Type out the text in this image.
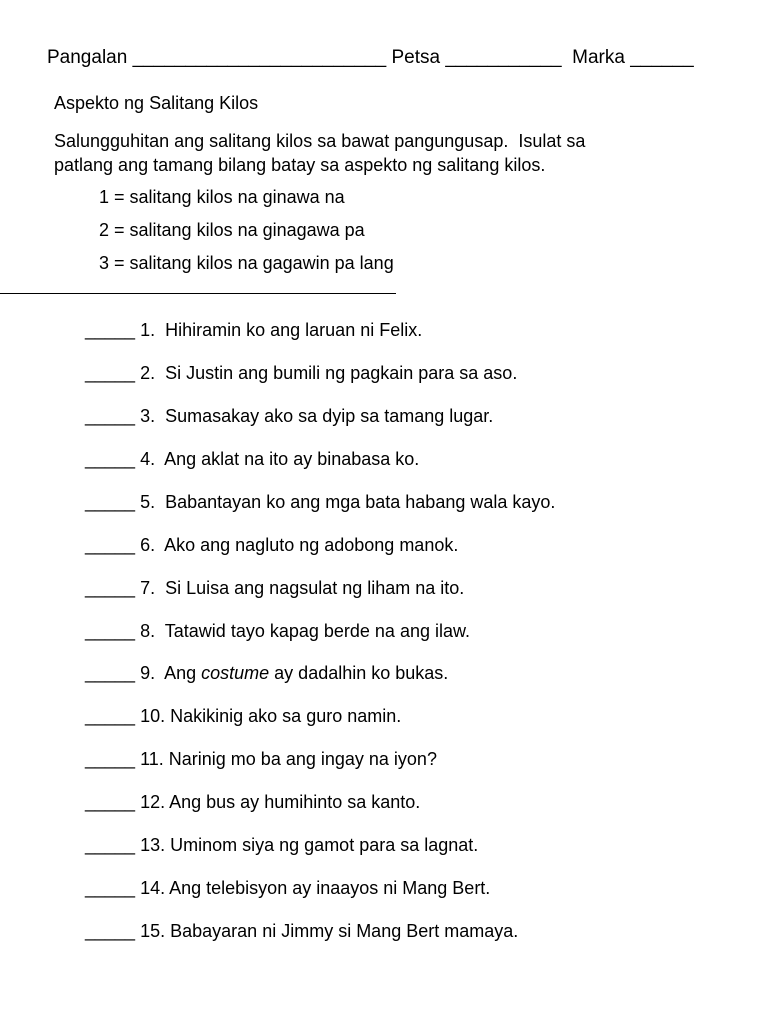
Pangalan ________________________ Petsa ___________ Marka ______
Aspekto ng Salitang Kilos
Salungguhitan ang salitang kilos sa bawat pangungusap.  Isulat sa
patlang ang tamang bilang batay sa aspekto ng salitang kilos.
1 = salitang kilos na ginawa na
2 = salitang kilos na ginagawa pa
3 = salitang kilos na gagawin pa lang
_____ 1. Hihiramin ko ang laruan ni Felix.
_____ 2. Si Justin ang bumili ng pagkain para sa aso.
_____ 3. Sumasakay ako sa dyip sa tamang lugar.
_____ 4. Ang aklat na ito ay binabasa ko.
_____ 5. Babantayan ko ang mga bata habang wala kayo.
_____ 6. Ako ang nagluto ng adobong manok.
_____ 7. Si Luisa ang nagsulat ng liham na ito.
_____ 8. Tatawid tayo kapag berde na ang ilaw.
_____ 9. Ang costume ay dadalhin ko bukas.
_____ 10. Nakikinig ako sa guro namin.
_____ 11. Narinig mo ba ang ingay na iyon?
_____ 12. Ang bus ay humihinto sa kanto.
_____ 13. Uminom siya ng gamot para sa lagnat.
_____ 14. Ang telebisyon ay inaayos ni Mang Bert.
_____ 15. Babayaran ni Jimmy si Mang Bert mamaya.
